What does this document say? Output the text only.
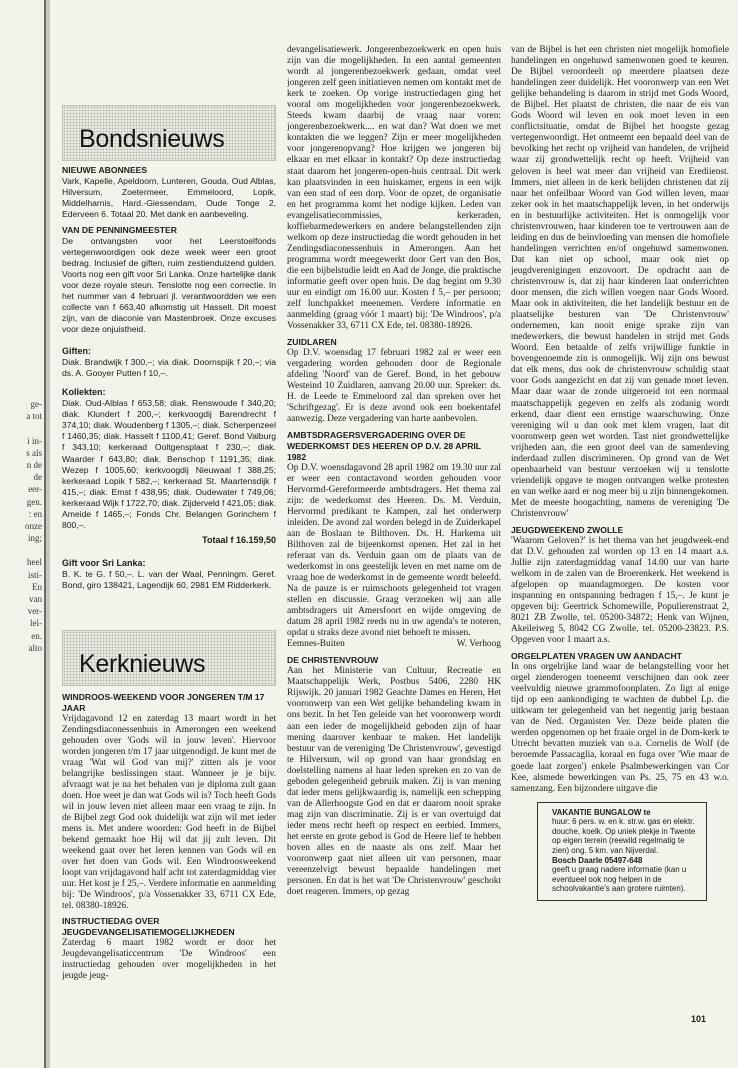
ge-
a tot
i in-
s als
n de
de
eer-
gen.
: en
onze
ing;
heel
isti-
En
van
ver-
lel-
en.
alto
Bondsnieuws
NIEUWE ABONNEES

Vark, Kapelle, Apeldoorn, Lunteren, Gouda, Oud Alblas, Hilversum, Zoetermeer, Emmeloord, Lopik, Middelharnis, Hard.-Giessendam, Oude Tonge 2, Ederveen 6. Totaal 20. Met dank en aanbeveling.

VAN DE PENNINGMEESTER

De ontvangsten voor het Leerstoelfonds vertegenwoordigen ook deze week weer een groot bedrag. Inclusief de giften, ruim zestienduizend gulden. Voorts nog een gift voor Sri Lanka. Onze hartelijke dank voor deze royale steun. Tenslotte nog een correctie. In het nummer van 4 februari jl. verantwoordden we een collecte van f 663,40 afkomstig uit Hasselt. Dit moest zijn, van de diaconie van Mastenbroek. Onze excuses voor deze onjuistheid.

Giften:

Diak. Brandwijk f 300,–; via diak. Doornspijk f 20,–; via ds. A. Gooyer Putten f 10,–.

Kollekten:

Diak. Oud-Alblas f 653,58; diak. Renswoude f 340,20; diak. Klundert f 200,–; kerkvoogdij Barendrecht f 374,10; diak. Woudenberg f 1305,–; diak. Scherpenzeel f 1460,35; diak. Hasselt f 1100,41; Geref. Bond Valburg f 343,10; kerkeraad Ooltgensplaat f 230,–; diak. Waarder f 643,80; diak. Benschop f 1191,35; diak. Wezep f 1005,60; kerkvoogdij Nieuwaal f 388,25; kerkeraad Lopik f 582,–; kerkeraad St. Maartensdijk f 415,–; diak. Emst f 438,95; diak. Oudewater f 749,06; kerkeraad Wijk f 1722,70; diak. Zijderveld f 421,05; diak. Ameide f 1465,–; Fonds Chr. Belangen Gorinchem f 800,–.

Totaal f 16.159,50
Gift voor Sri Lanka:

B. K. te G. f 50,–. L. van der Waal, Penningm. Geref. Bond, giro 138421, Lagendijk 60, 2981 EM Ridderkerk.

Kerknieuws
WINDROOS-WEEKEND VOOR JONGEREN T/M 17 JAAR

Vrijdagavond 12 en zaterdag 13 maart wordt in het Zendingsdiaconessenhuis in Amerongen een weekend gehouden over 'Gods wil in jouw leven'. Hiervoor worden jongeren t/m 17 jaar uitgenodigd. Je kunt met de vraag 'Wat wil God van mij?' zitten als je voor belangrijke beslissingen staat. Wanneer je je bijv. afvraagt wat je na het behalen van je diploma zult gaan doen. Hoe weet je dan wat Gods wil is? Toch heeft Gods wil in jouw leven niet alleen maar een vraag te zijn. In de Bijbel zegt God ook duidelijk wat zijn wil met ieder mens is. Met andere woorden: God heeft in de Bijbel bekend gemaakt hoe Hij wil dat jij zult leven. Dit weekend gaat over het leren kennen van Gods wil en over het doen van Gods wil. Een Windroosweekend loopt van vrijdagavond half acht tot zaterdagmiddag vier uur. Het kost je f 25,–. Verdere informatie en aanmelding bij: 'De Windroos', p/a Vossenakker 33, 6711 CX Ede, tel. 08380-18926.

INSTRUCTIEDAG OVER JEUGDEVANGELISATIEMOGELIJKHEDEN

Zaterdag 6 maart 1982 wordt er door het Jeugdevangelisaticcentrum 'De Windroos' een instructiedag gehouden over mogelijkheden in het jeugde jeug-

devangelisatiewerk. Jongerenbezoekwerk en open huis zijn van die mogelijkheden. In een aantal gemeenten wordt al jongerenbezoekwerk gedaan, omdat veel jongeren zelf geen initiatieven nemen om kontakt met de kerk te zoeken. Op vorige instructiedagen ging het vooral om mogelijkheden voor jongerenbezoekwerk. Steeds kwam daarbij de vraag naar voren: jongerenbezoekwerk.... en wat dan? Wat doen we met kontakten die we leggen? Zijn er meer mogelijkheden voor jongerenopvang? Hoe krijgen we jongeren bij elkaar en met elkaar in kontakt? Op deze instructiedag staat daarom het jongeren-open-huis centraal. Dit werk kan plaatsvinden in een huiskamer, ergens in een wijk van een stad of een dorp. Voor de opzet, de organisatie en het programma komt het nodige kijken. Leden van evangelisatiecommissies, kerkeraden, koffiebarmedewerkers en andere belangstellenden zijn welkom op deze instructiedag die wordt gehouden in het Zendingsdiaconessenhuis in Amerongen. Aan het programma wordt meegewerkt door Gert van den Bos, die een bijbelstudie leidt en Aad de Jonge, die praktische informatie geeft over open huis. De dag begint om 9.30 uur en eindigt om 16.00 uur. Kosten f 5,– per persoon; zelf lunchpakket meenemen. Verdere informatie en aanmelding (graag vóór 1 maart) bij: 'De Windroos', p/a Vossenakker 33, 6711 CX Ede, tel. 08380-18926.

ZUIDLAREN

Op D.V. woensdag 17 februari 1982 zal er weer een vergadering worden gehouden door de Regionale afdeling 'Noord' van de Geref. Bond, in het gebouw Westeind 10 Zuidlaren, aanvang 20.00 uur. Spreker: ds. H. de Leede te Emmeloord zal dan spreken over het 'Schriftgezag'. Er is deze avond ook een boekentafel aanwezig. Deze vergadering van harte aanbevolen.

AMBTSDRAGERSVERGADERING OVER DE WEDERKOMST DES HEEREN OP D.V. 28 APRIL 1982

Op D.V. woensdagavond 28 april 1982 om 19.30 uur zal er weer een contactavond worden gehouden voor Hervormd-Gereformeerde ambtsdragers. Het thema zal zijn: de wederkomst des Heeren. Ds. M. Verduin, Hervormd predikant te Kampen, zal het onderwerp inleiden. De avond zal worden belegd in de Zuiderkapel aan de Boslaan te Bilthoven. Ds. H. Harkema uit Bilthoven zal de bijeenkomst openen. Het zal in het referaat van ds. Verduin gaan om de plaats van de wederkomst in ons geestelijk leven en met name om de vraag hoe de wederkomst in de gemeente wordt beleefd. Na de pauze is er ruimschoots gelegenheid tot vragen stellen en discussie. Graag verzoeken wij aan alle ambtsdragers uit Amersfoort en wijde omgeving de datum 28 april 1982 reeds nu in uw agenda's te noteren, opdat u straks deze avond niet behoeft te missen.

Eemnes-Buiten	W. Verhoog
DE CHRISTENVROUW

Aan het Ministerie van Cultuur, Recreatie en Maatschappelijk Werk, Postbus 5406, 2280 HK Rijswijk. 20 januari 1982 Geachte Dames en Heren, Het vooronwerp van een Wet gelijke behandeling kwam in ons bezit. In het Ten geleide van het vooronwerp wordt aan een ieder de mogelijkheid geboden zijn of haar mening daarover kenbaar te maken. Het landelijk bestuur van de vereniging 'De Christenvrouw', gevestigd te Hilversum, wil op grond van haar grondslag en doelstelling namens al haar leden spreken en zo van de geboden gelegenheid gebruik maken. Zij is van mening dat ieder mens gelijkwaardig is, namelijk een schepping van de Allerhoogste God en dat er daarom nooit sprake mag zijn van discriminatie. Zij is er van overtuigd dat ieder mens recht heeft op respect en eerbied. Immers, het eerste en grote gebod is God de Heere lief te hebben boven alles en de naaste als ons zelf. Maar het vooronwerp gaat niet alleen uit van personen, maar vereenzelvigt bewust bepaalde handelingen met personen. En dat is het wat 'De Christenvrouw' geschokt doet reageren. Immers, op gezag

van de Bijbel is het een christen niet mogelijk homofiele handelingen en ongehuwd samenwonen goed te keuren. De Bijbel veroordeelt op meerdere plaatsen deze handelingen zeer duidelijk. Het vooronwerp van een Wet gelijke behandeling is daarom in strijd met Gods Woord, de Bijbel. Het plaatst de christen, die naar de eis van Gods Woord wil leven en ook moet leven in een conflictsituatie, omdat de Bijbel het hoogste gezag vertegenwoordigt. Het ontneemt een bepaald deel van de bevolking het recht op vrijheid van handelen, de vrijheid waar zij grondwettelijk recht op heeft. Vrijheid van geloven is heel wat meer dan vrijheid van Erediienst. Immers, niet alleen in de kerk belijden christenen dat zij naar het onfeilbaar Woord van God willen leven, maar zeker ook in het maatschappelijk leven, in het onderwijs en in bestuurlijke activiteiten. Het is onmogelijk voor christenvrouwen, haar kinderen toe te vertrouwen aan de leiding en dus de beïnvloeding van mensen die homofiele handelingen verrichten en/of ongehuwd samenwonen. Dat kan niet op school, maar ook niet op jeugdverenigingen enzovoort. De opdracht aan de christenvrouw is, dat zij haar kinderen laat onderrichten door mensen, die zich willen voegen naar Gods Woord. Maar ook in aktiviteiten, die het landelijk bestuur en de plaatselijke besturen van 'De Christenvrouw' ondernemen, kan nooit enige sprake zijn van medewerkers, die bewust handelen in strijd met Gods Woord. Een betaalde of zelfs vrijwillige funktie in bovengenoemde zin is onmogelijk. Wij zijn ons bewust dat elk mens, dus ook de christenvrouw schuldig staat voor Gods aangezicht en dat zij van genade moet leven. Maar daar waar de zonde uitgeroeid tot een normaal maatschappelijk gegeven en zelfs als zodanig wordt erkend, daar dient een ernstige waarschuwing. Onze vereniging wil u dan ook met klem vragen, laat dit vooronwerp geen wet worden. Tast niet grondwettelijke vrijheden aan, die een groot deel van de samenleving inderdaad zullen discrimineren. Op grond van de Wet openbaarheid van bestuur verzoeken wij u tenslotte vriendelijk opgave te mogen ontvangen welke protesten en van welke aard er nog meer bij u zijn binnengekomen. Met de meeste hoogachting, namens de vereniging 'De Christenvrouw'

JEUGDWEEKEND ZWOLLE

'Waarom Geloven?' is het thema van het jeugdweek-end dat D.V. gehouden zal worden op 13 en 14 maart a.s. Jullie zijn zaterdagmiddag vanaf 14.00 uur van harte welkom in de zalen van de Broerenkerk. Het weekend is afgelopen op maandagmorgen. De kosten voor inspanning en ontspanning bedragen f 15,–. Je kunt je opgeven bij: Geertrick Schomewille, Populierenstraat 2, 8021 ZB Zwolle, tel. 05200-34872; Henk van Wijnen, Akeileiweg 5, 8042 CG Zwolle, tel. 05200-23823. P.S. Opgeven voor 1 maart a.s.

ORGELPLATEN VRAGEN UW AANDACHT

In ons orgelrijke land waar de belangstelling voor het orgel zienderogen toeneemt verschijnen dan ook zeer veelvuldig nieuwe grammofoonplaten. Zo ligt al enige tijd op een aankondiging te wachten de dubbel Lp. die uitkwam ter gelegenheid van het negentig jarig bestaan van de Ned. Organisten Ver. Deze beide platen die werden opgenomen op het fraaie orgel in de Dom-kerk te Utrecht bevatten muziek van o.a. Cornelis de Wolf (de beroemde Passacaglia, koraal en fuga over 'Wie maar de goede laat zorgen') enkele Psalmbewerkingen van Cor Kee, alsmede bewerkingen van Ps. 25, 75 en 43 w.o. samenzang. Een bijzondere uitgave die

VAKANTIE BUNGALOW te
huur: 6 pers. w. en k. str.w. gas en elektr. douche, koelk. Op uniek plekje in Twente op eigen terrein (reewild regelmatig te zien) ong. 5 km. van Nijverdal.
Bosch Daarle 05497-648
geeft u graag nadere informatie (kan u eventueel ook nog helpen in de schoolvakantie's aan grotere ruimten).
101
